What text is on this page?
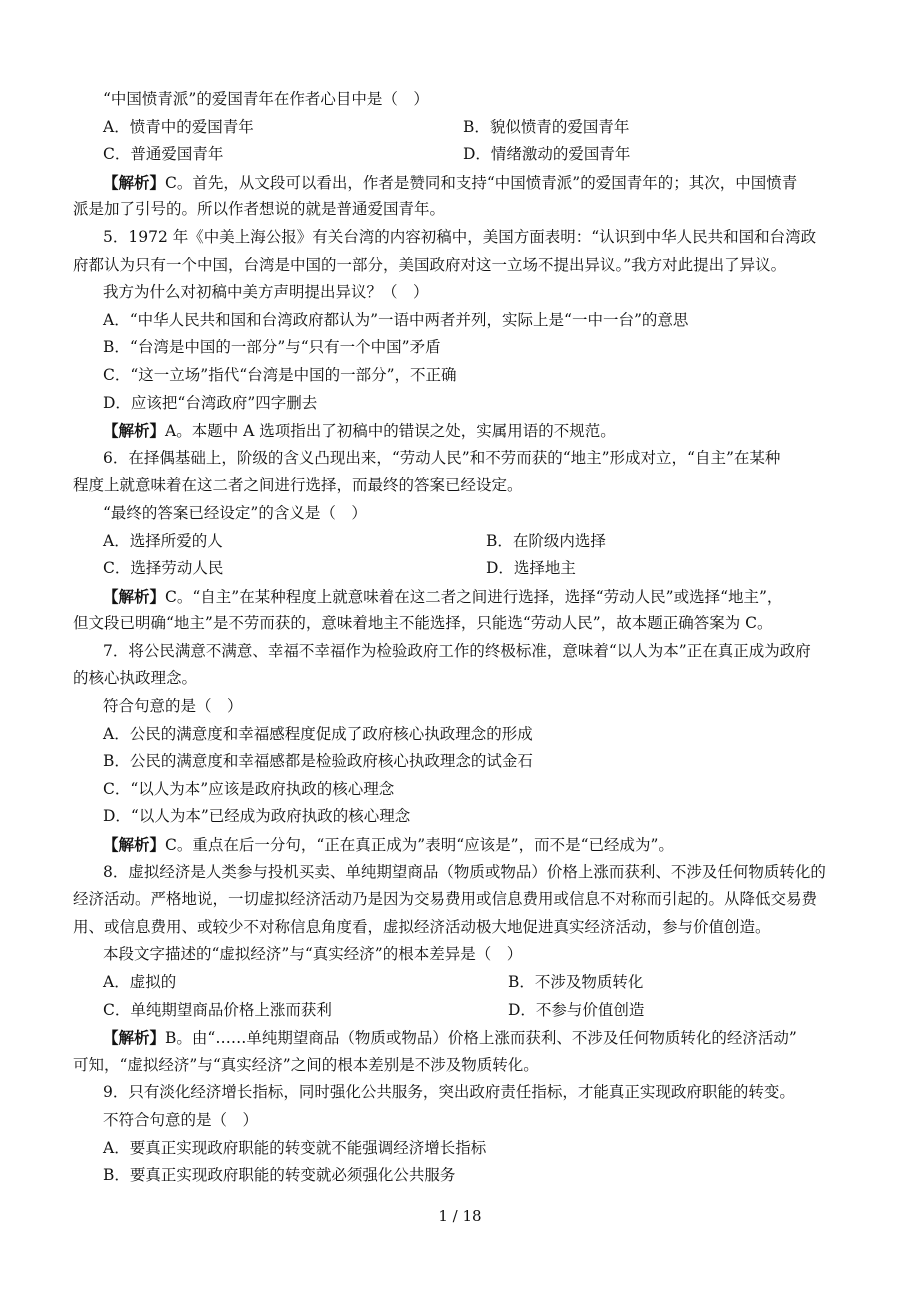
“中国愤青派”的爱国青年在作者心目中是（　）
A．愤青中的爱国青年	B．貌似愤青的爱国青年
C．普通爱国青年	D．情绪激动的爱国青年
【解析】C。首先，从文段可以看出，作者是赞同和支持“中国愤青派”的爱国青年的；其次，中国愤青
派是加了引号的。所以作者想说的就是普通爱国青年。
5．1972 年《中美上海公报》有关台湾的内容初稿中，美国方面表明：“认识到中华人民共和国和台湾政
府都认为只有一个中国，台湾是中国的一部分，美国政府对这一立场不提出异议。”我方对此提出了异议。
我方为什么对初稿中美方声明提出异议？（　）
A．“中华人民共和国和台湾政府都认为”一语中两者并列，实际上是“一中一台”的意思
B．“台湾是中国的一部分”与“只有一个中国”矛盾
C．“这一立场”指代“台湾是中国的一部分”，不正确
D．应该把“台湾政府”四字删去
【解析】A。本题中 A 选项指出了初稿中的错误之处，实属用语的不规范。
6．在择偶基础上，阶级的含义凸现出来，“劳动人民”和不劳而获的“地主”形成对立，“自主”在某种
程度上就意味着在这二者之间进行选择，而最终的答案已经设定。
“最终的答案已经设定”的含义是（　）
A．选择所爱的人	B．在阶级内选择
C．选择劳动人民	D．选择地主
【解析】C。“自主”在某种程度上就意味着在这二者之间进行选择，选择“劳动人民”或选择“地主”，
但文段已明确“地主”是不劳而获的，意味着地主不能选择，只能选“劳动人民”，故本题正确答案为 C。
7．将公民满意不满意、幸福不幸福作为检验政府工作的终极标准，意味着“以人为本”正在真正成为政府
的核心执政理念。
符合句意的是（　）
A．公民的满意度和幸福感程度促成了政府核心执政理念的形成
B．公民的满意度和幸福感都是检验政府核心执政理念的试金石
C．“以人为本”应该是政府执政的核心理念
D．“以人为本”已经成为政府执政的核心理念
【解析】C。重点在后一分句，“正在真正成为”表明“应该是”，而不是“已经成为”。
8．虚拟经济是人类参与投机买卖、单纯期望商品（物质或物品）价格上涨而获利、不涉及任何物质转化的
经济活动。严格地说，一切虚拟经济活动乃是因为交易费用或信息费用或信息不对称而引起的。从降低交易费
用、或信息费用、或较少不对称信息角度看，虚拟经济活动极大地促进真实经济活动，参与价值创造。
本段文字描述的“虚拟经济”与“真实经济”的根本差异是（　）
A．虚拟的	B．不涉及物质转化
C．单纯期望商品价格上涨而获利	D．不参与价值创造
【解析】B。由“……单纯期望商品（物质或物品）价格上涨而获利、不涉及任何物质转化的经济活动”
可知，“虚拟经济”与“真实经济”之间的根本差别是不涉及物质转化。
9．只有淡化经济增长指标，同时强化公共服务，突出政府责任指标，才能真正实现政府职能的转变。
不符合句意的是（　）
A．要真正实现政府职能的转变就不能强调经济增长指标
B．要真正实现政府职能的转变就必须强化公共服务
1 / 18
